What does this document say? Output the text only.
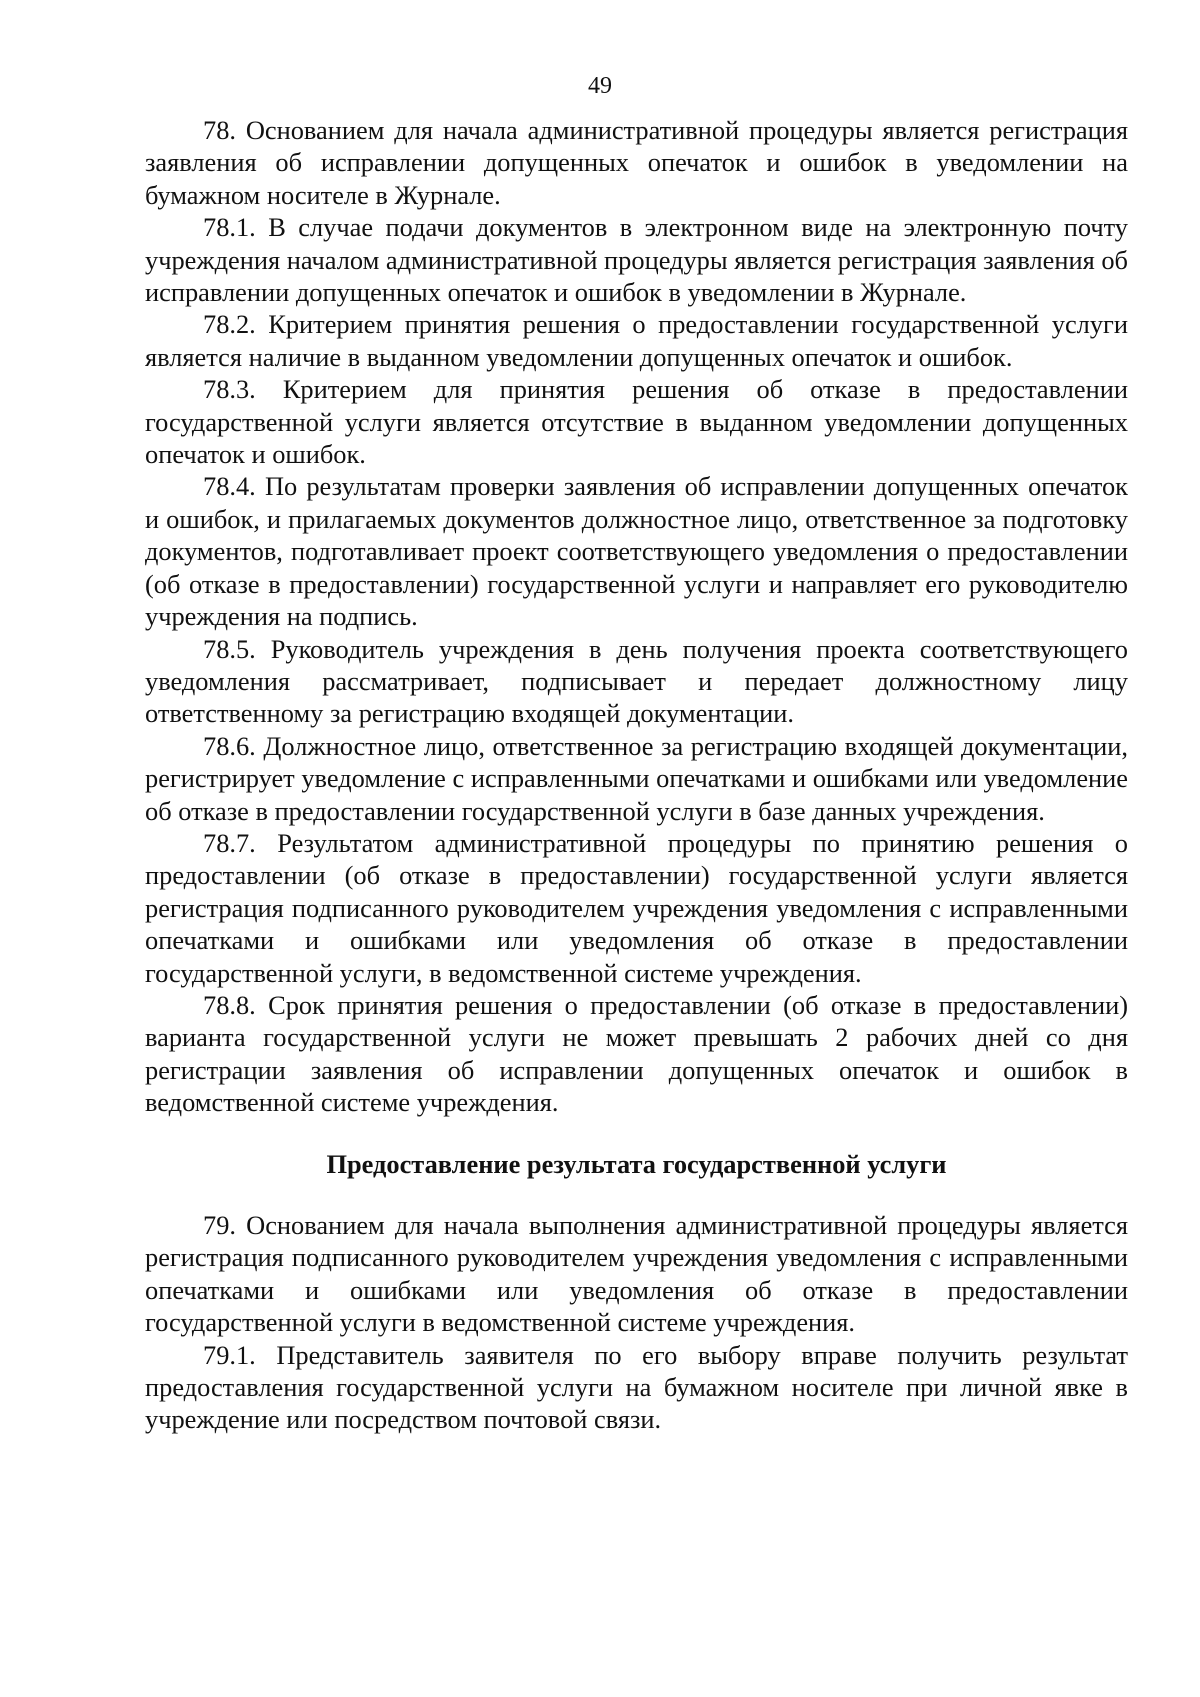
49

78. Основанием для начала административной процедуры является регистрация заявления об исправлении допущенных опечаток и ошибок в уведомлении на бумажном носителе в Журнале.

78.1. В случае подачи документов в электронном виде на электронную почту учреждения началом административной процедуры является регистрация заявления об исправлении допущенных опечаток и ошибок в уведомлении в Журнале.

78.2. Критерием принятия решения о предоставлении государственной услуги является наличие в выданном уведомлении допущенных опечаток и ошибок.

78.3. Критерием для принятия решения об отказе в предоставлении государственной услуги является отсутствие в выданном уведомлении допущенных опечаток и ошибок.

78.4. По результатам проверки заявления об исправлении допущенных опечаток и ошибок, и прилагаемых документов должностное лицо, ответственное за подготовку документов, подготавливает проект соответствующего уведомления о предоставлении (об отказе в предоставлении) государственной услуги и направляет его руководителю учреждения на подпись.

78.5. Руководитель учреждения в день получения проекта соответствующего уведомления рассматривает, подписывает и передает должностному лицу ответственному за регистрацию входящей документации.

78.6. Должностное лицо, ответственное за регистрацию входящей документации, регистрирует уведомление с исправленными опечатками и ошибками или уведомление об отказе в предоставлении государственной услуги в базе данных учреждения.

78.7. Результатом административной процедуры по принятию решения о предоставлении (об отказе в предоставлении) государственной услуги является регистрация подписанного руководителем учреждения уведомления с исправленными опечатками и ошибками или уведомления об отказе в предоставлении государственной услуги, в ведомственной системе учреждения.

78.8. Срок принятия решения о предоставлении (об отказе в предоставлении) варианта государственной услуги не может превышать 2 рабочих дней со дня регистрации заявления об исправлении допущенных опечаток и ошибок в ведомственной системе учреждения.

Предоставление результата государственной услуги

79. Основанием для начала выполнения административной процедуры является регистрация подписанного руководителем учреждения уведомления с исправленными опечатками и ошибками или уведомления об отказе в предоставлении государственной услуги в ведомственной системе учреждения.

79.1. Представитель заявителя по его выбору вправе получить результат предоставления государственной услуги на бумажном носителе при личной явке в учреждение или посредством почтовой связи.
